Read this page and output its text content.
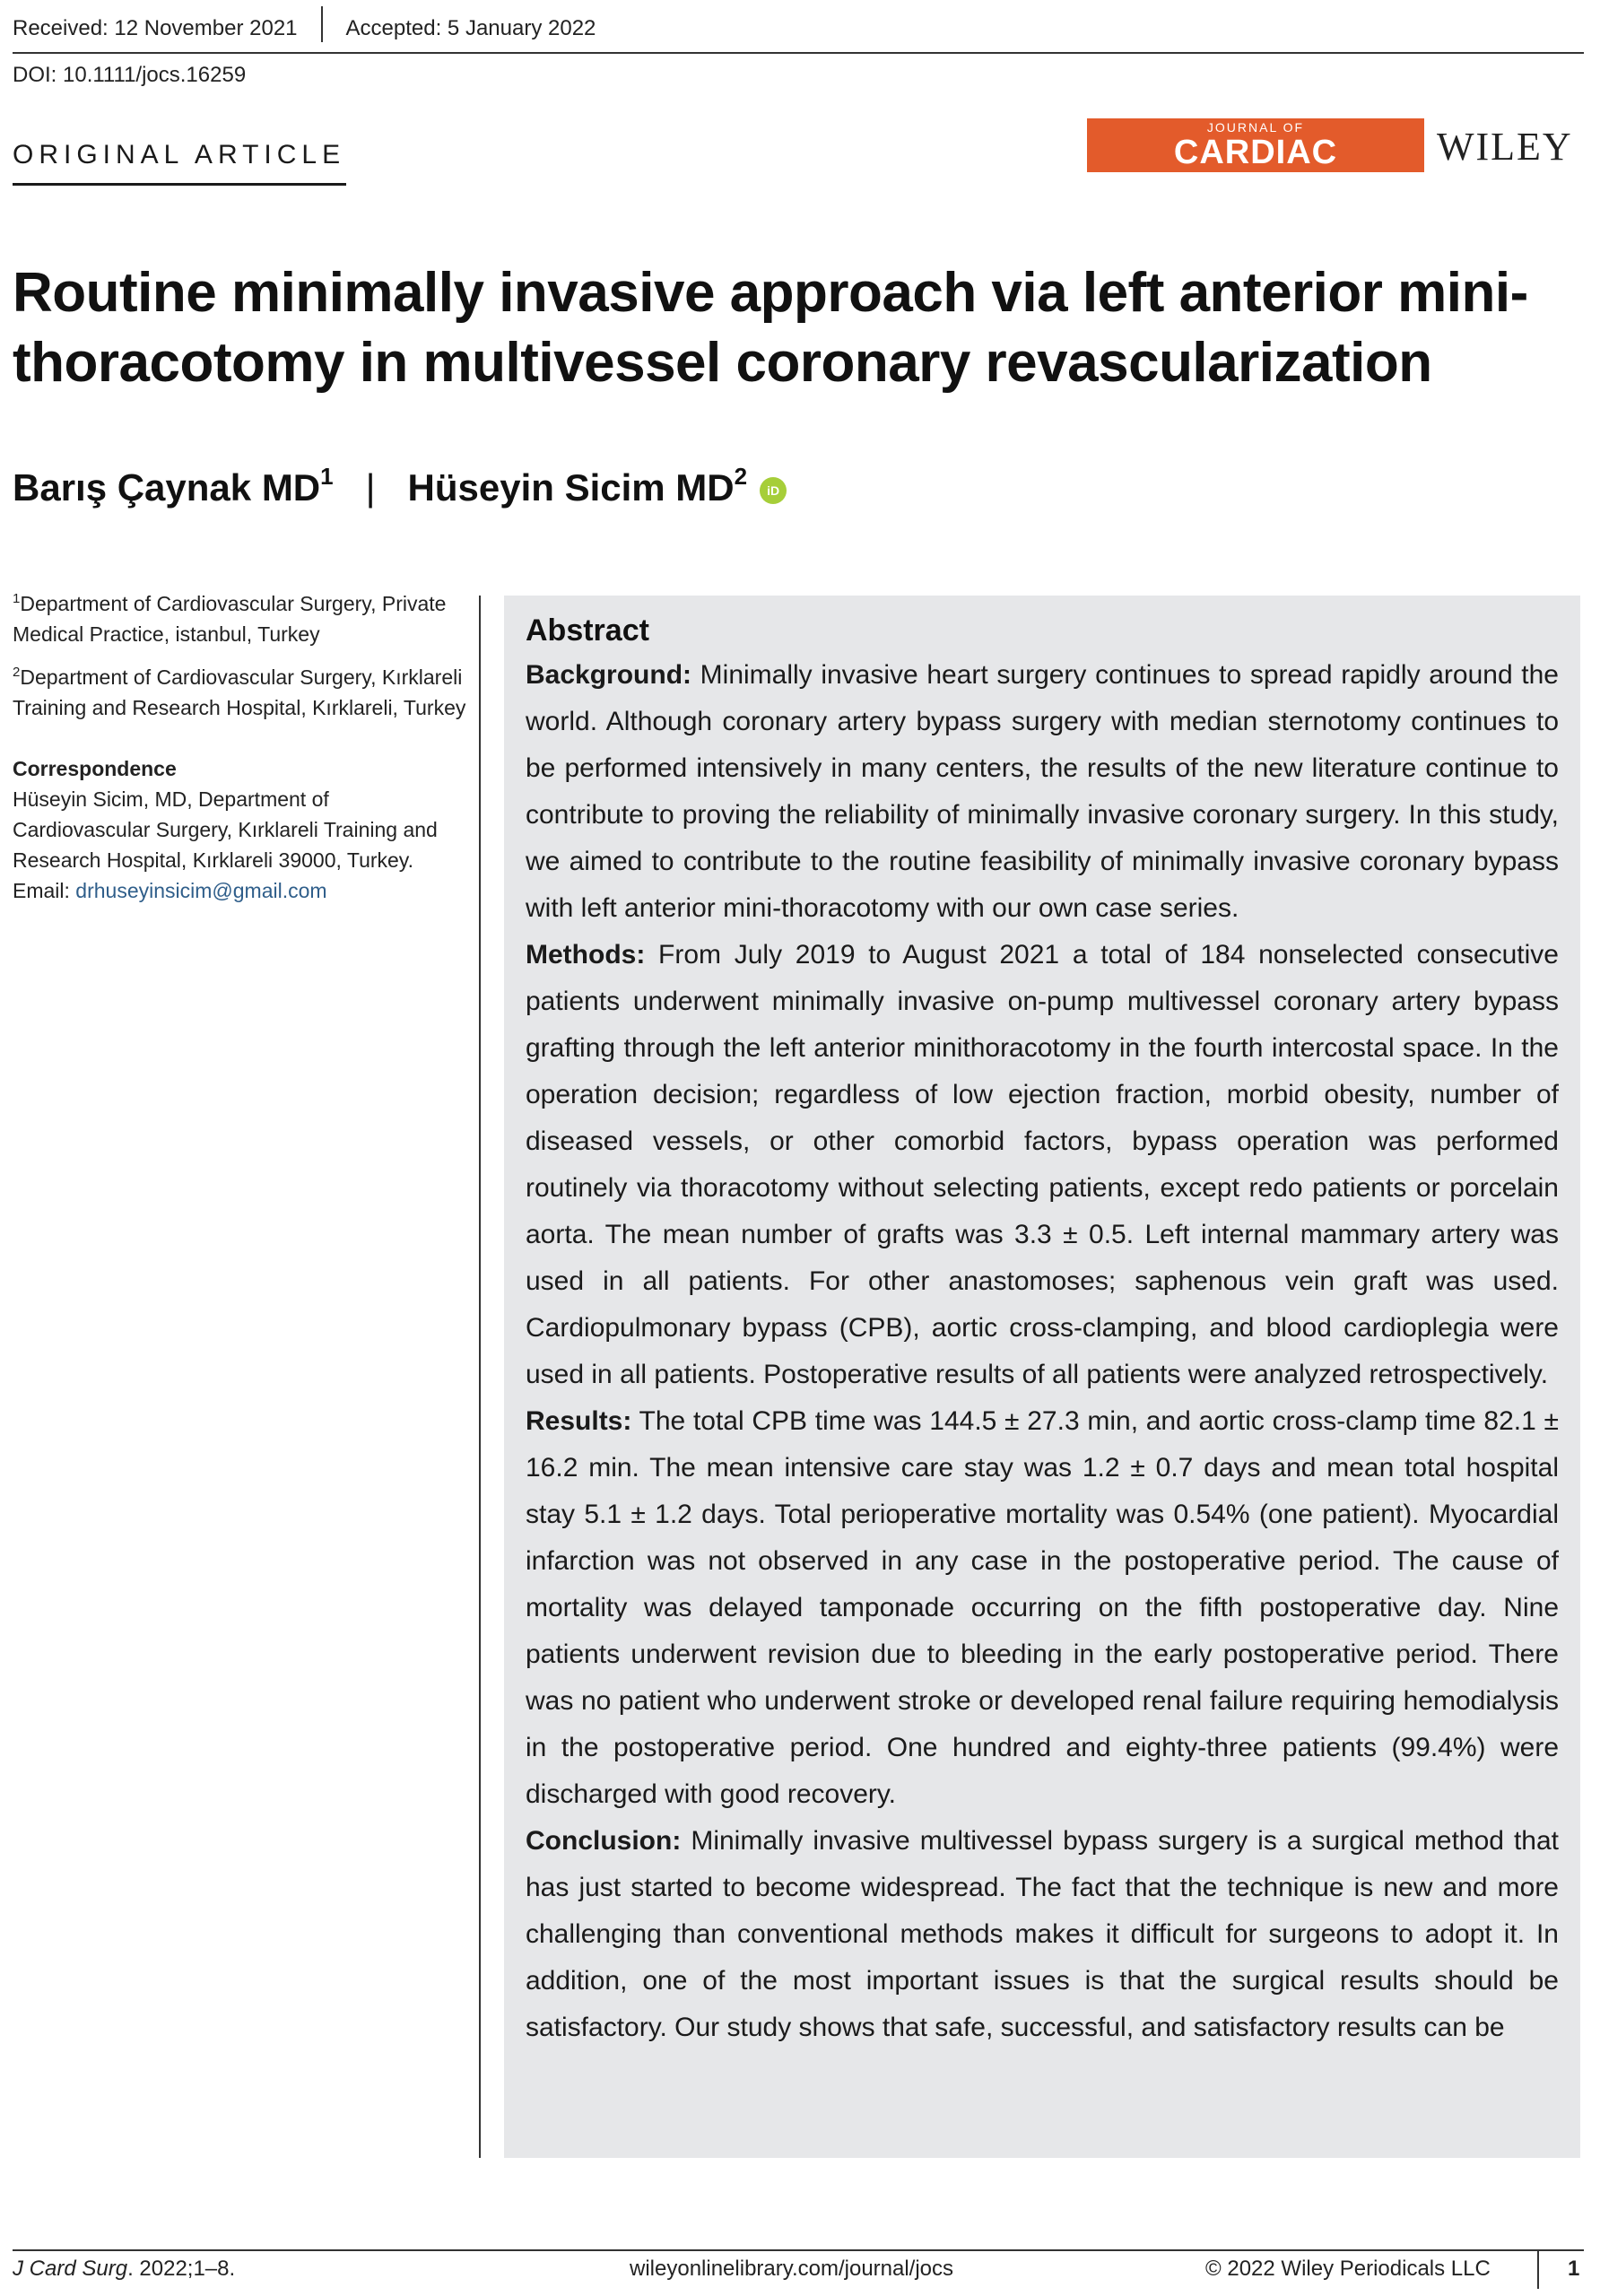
Received: 12 November 2021 Accepted: 5 January 2022
DOI: 10.1111/jocs.16259
ORIGINAL ARTICLE
JOURNAL OF
CARDIAC SURGERY
WILEY
Routine minimally invasive approach via left anterior mini-thoracotomy in multivessel coronary revascularization
Barış Çaynak $MD^1$ | Hüseyin Sicim $MD^2iD$

$^1$Department of Cardiovascular Surgery, Private Medical Practice, istanbul, Turkey

$^2$Department of Cardiovascular Surgery, Kırklareli Training and Research Hospital, Kırklareli, Turkey

Correspondence

Hüseyin Sicim, MD, Department of Cardiovascular Surgery, Kırklareli Training and Research Hospital, Kırklareli 39000, Turkey.

Email: drhuseyinsicim@gmail.com

Abstract

Background: Minimally invasive heart surgery continues to spread rapidly around the world. Although coronary artery bypass surgery with median sternotomy continues to be performed intensively in many centers, the results of the new literature continue to contribute to proving the reliability of minimally invasive coronary surgery. In this study, we aimed to contribute to the routine feasibility of minimally invasive coronary bypass with left anterior mini-thoracotomy with our own case series.

Methods: From July 2019 to August 2021 a total of 184 nonselected consecutive patients underwent minimally invasive on-pump multivessel coronary artery bypass grafting through the left anterior minithoracotomy in the fourth intercostal space. In the operation decision; regardless of low ejection fraction, morbid obesity, number of diseased vessels, or other comorbid factors, bypass operation was performed routinely via thoracotomy without selecting patients, except redo patients or porcelain aorta. The mean number of grafts was 3.3 ± 0.5. Left internal mammary artery was used in all patients. For other anastomoses; saphenous vein graft was used. Cardiopulmonary bypass (CPB), aortic cross-clamping, and blood cardioplegia were used in all patients. Postoperative results of all patients were analyzed retrospectively.

Results: The total CPB time was 144.5 ± 27.3 min, and aortic cross-clamp time 82.1 ± 16.2 min. The mean intensive care stay was 1.2 ± 0.7 days and mean total hospital stay 5.1 ± 1.2 days. Total perioperative mortality was 0.54% (one patient). Myocardial infarction was not observed in any case in the postoperative period. The cause of mortality was delayed tamponade occurring on the fifth postoperative day. Nine patients underwent revision due to bleeding in the early postoperative period. There was no patient who underwent stroke or developed renal failure requiring hemodialysis in the postoperative period. One hundred and eighty-three patients (99.4%) were discharged with good recovery.

Conclusion: Minimally invasive multivessel bypass surgery is a surgical method that has just started to become widespread. The fact that the technique is new and more challenging than conventional methods makes it difficult for surgeons to adopt it. In addition, one of the most important issues is that the surgical results should be satisfactory. Our study shows that safe, successful, and satisfactory results can be

J Card Surg. 2022;1–8.	wileyonlinelibrary.com/journal/jocs	© 2022 Wiley Periodicals LLC	1
